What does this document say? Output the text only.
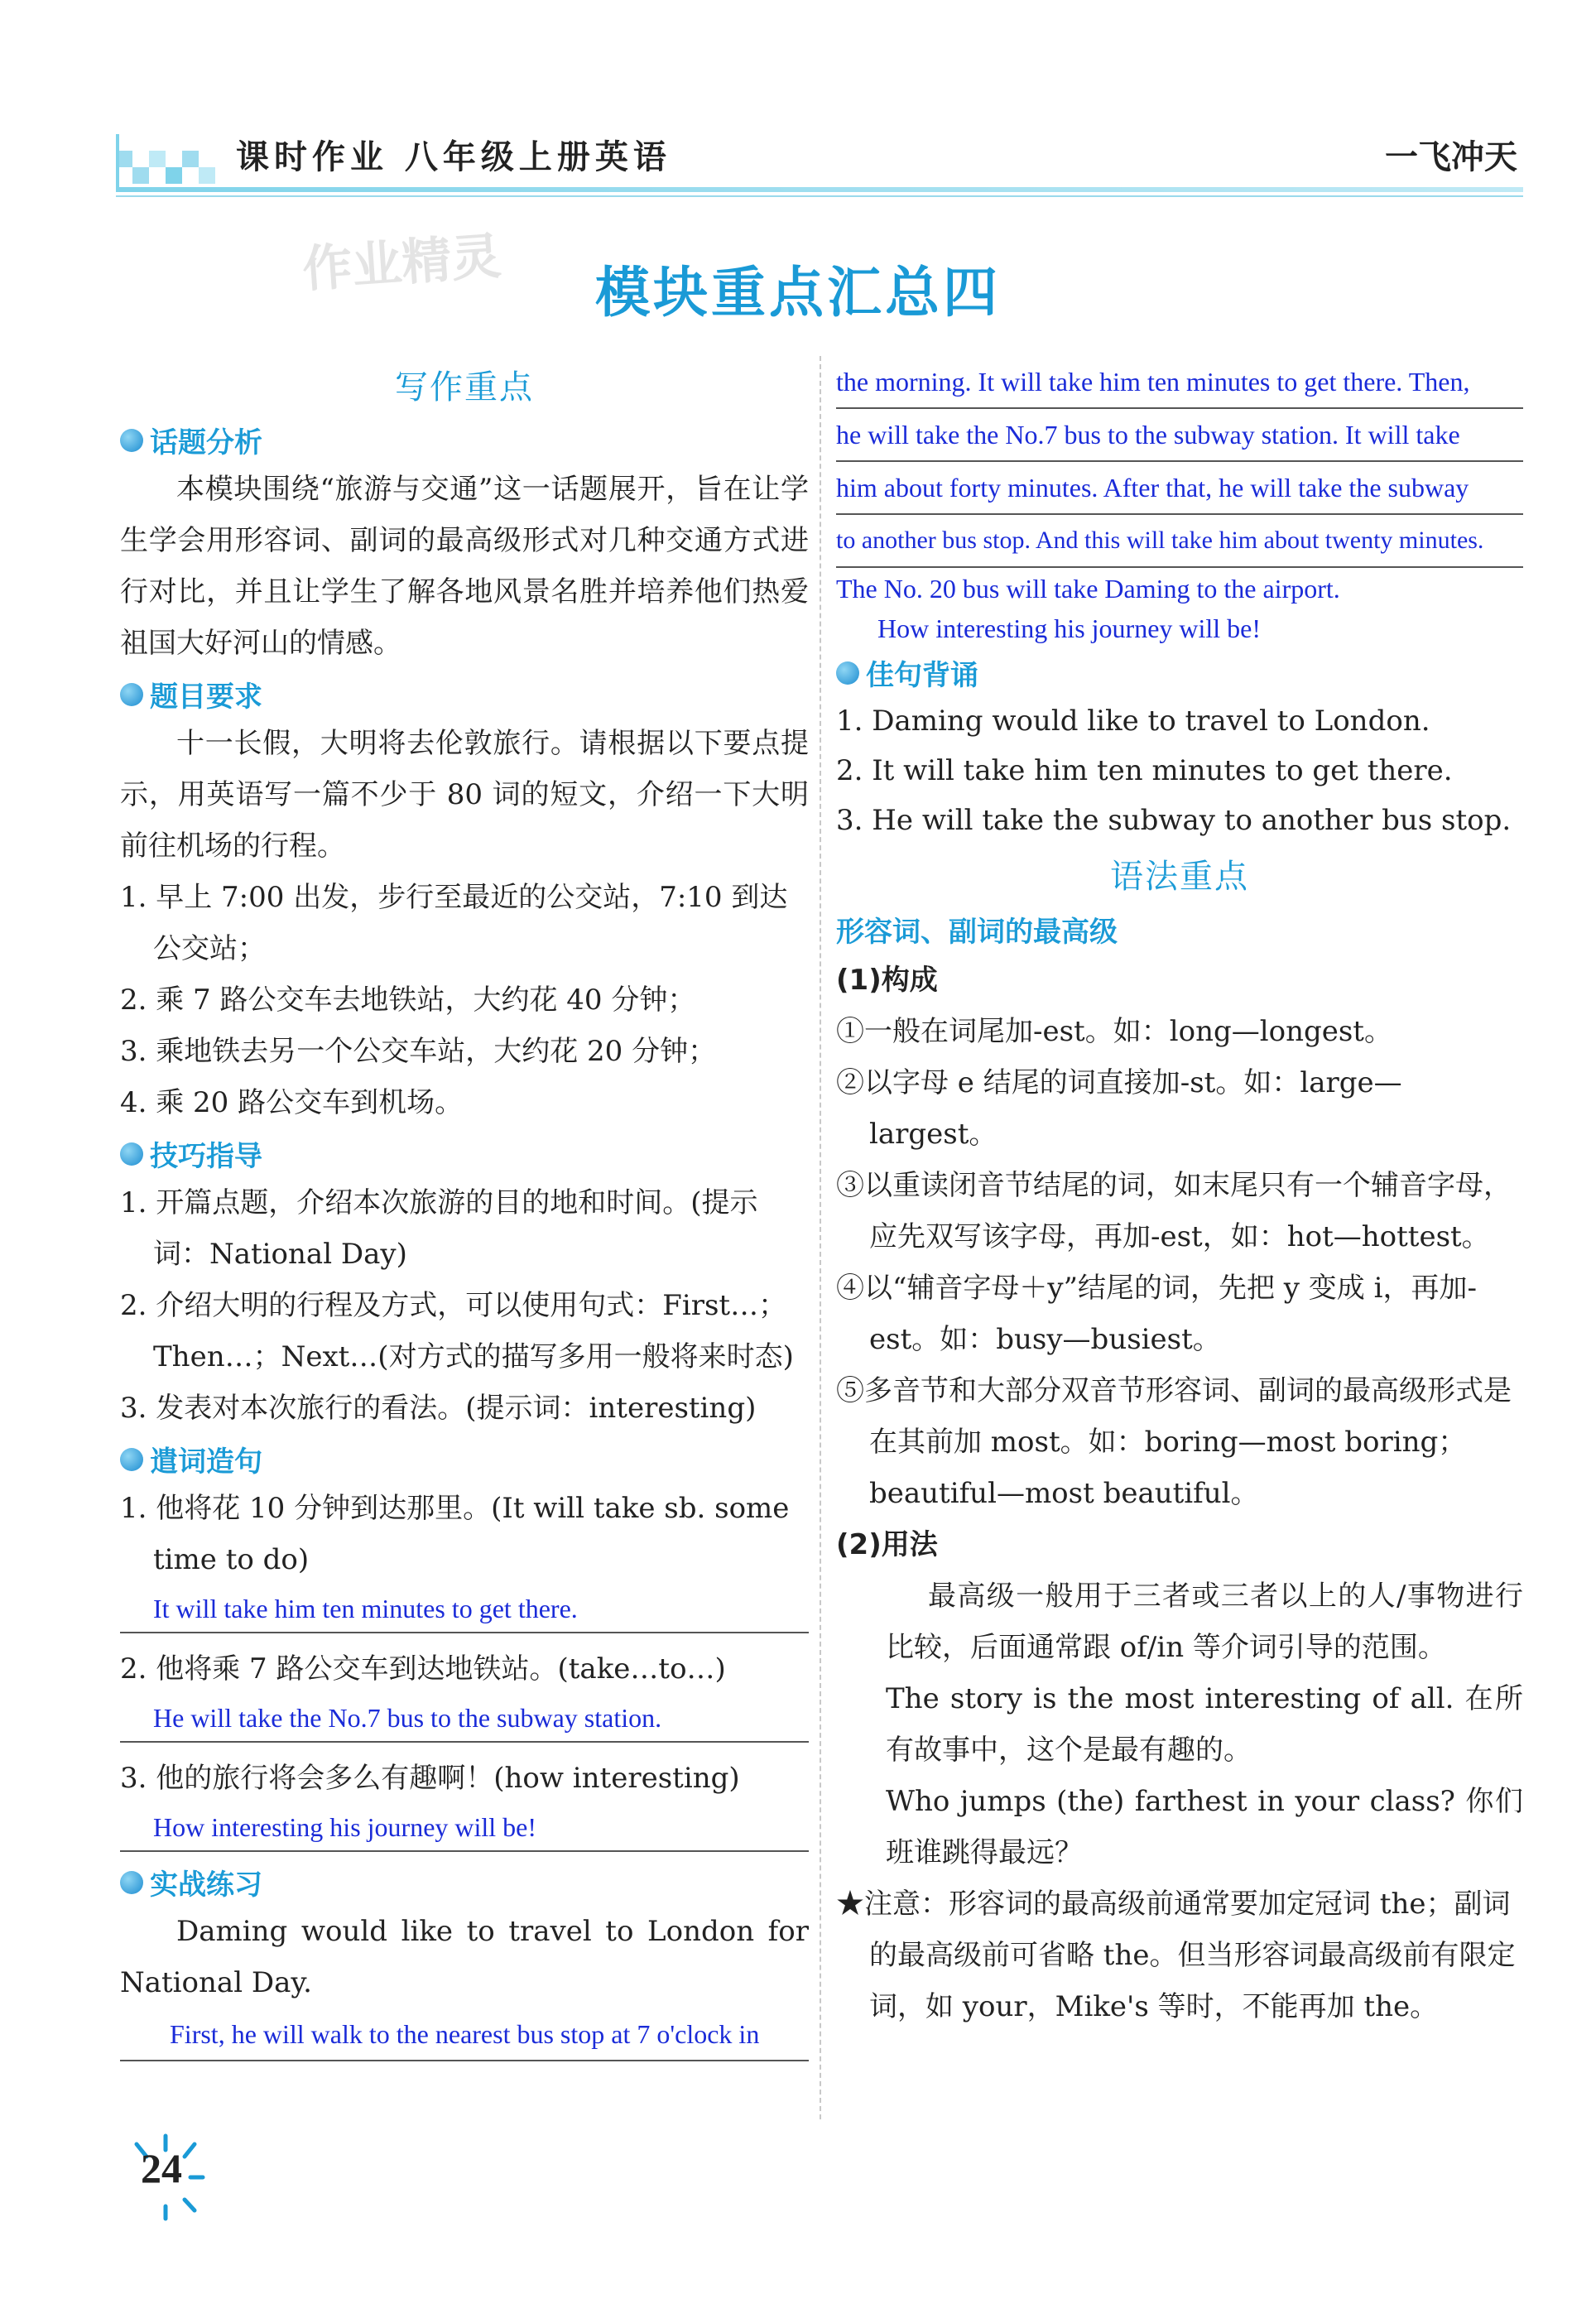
课时作业 八年级上册英语	一飞冲天
作业精灵	模块重点汇总四
写作重点
话题分析
本模块围绕“旅游与交通”这一话题展开，旨在让学生学会用形容词、副词的最高级形式对几种交通方式进行对比，并且让学生了解各地风景名胜并培养他们热爱祖国大好河山的情感。
题目要求
十一长假，大明将去伦敦旅行。请根据以下要点提示，用英语写一篇不少于 80 词的短文，介绍一下大明前往机场的行程。
1. 早上 7:00 出发，步行至最近的公交站，7:10 到达公交站；
2. 乘 7 路公交车去地铁站，大约花 40 分钟；
3. 乘地铁去另一个公交车站，大约花 20 分钟；
4. 乘 20 路公交车到机场。
技巧指导
1. 开篇点题，介绍本次旅游的目的地和时间。(提示词：National Day)
2. 介绍大明的行程及方式，可以使用句式：First…；Then…；Next…(对方式的描写多用一般将来时态)
3. 发表对本次旅行的看法。(提示词：interesting)
遣词造句
1. 他将花 10 分钟到达那里。(It will take sb. some time to do)
It will take him ten minutes to get there.
2. 他将乘 7 路公交车到达地铁站。(take…to…)
He will take the No.7 bus to the subway station.
3. 他的旅行将会多么有趣啊！(how interesting)
How interesting his journey will be!
实战练习
Daming would like to travel to London for National Day.
First, he will walk to the nearest bus stop at 7 o'clock in
the morning. It will take him ten minutes to get there. Then,
he will take the No.7 bus to the subway station. It will take
him about forty minutes. After that, he will take the subway
to another bus stop. And this will take him about twenty minutes.
The No. 20 bus will take Daming to the airport.
How interesting his journey will be!
佳句背诵
1. Daming would like to travel to London.
2. It will take him ten minutes to get there.
3. He will take the subway to another bus stop.
语法重点
形容词、副词的最高级
(1)构成
①一般在词尾加-est。如：long—longest。
②以字母 e 结尾的词直接加-st。如：large—largest。
③以重读闭音节结尾的词，如末尾只有一个辅音字母，应先双写该字母，再加-est，如：hot—hottest。
④以“辅音字母＋y”结尾的词，先把 y 变成 i，再加-est。如：busy—busiest。
⑤多音节和大部分双音节形容词、副词的最高级形式是在其前加 most。如：boring—most boring；beautiful—most beautiful。
(2)用法
最高级一般用于三者或三者以上的人/事物进行比较，后面通常跟 of/in 等介词引导的范围。
The story is the most interesting of all. 在所有故事中，这个是最有趣的。
Who jumps (the) farthest in your class? 你们班谁跳得最远？
★注意：形容词的最高级前通常要加定冠词 the；副词的最高级前可省略 the。但当形容词最高级前有限定词，如 your，Mike's 等时，不能再加 the。
24
